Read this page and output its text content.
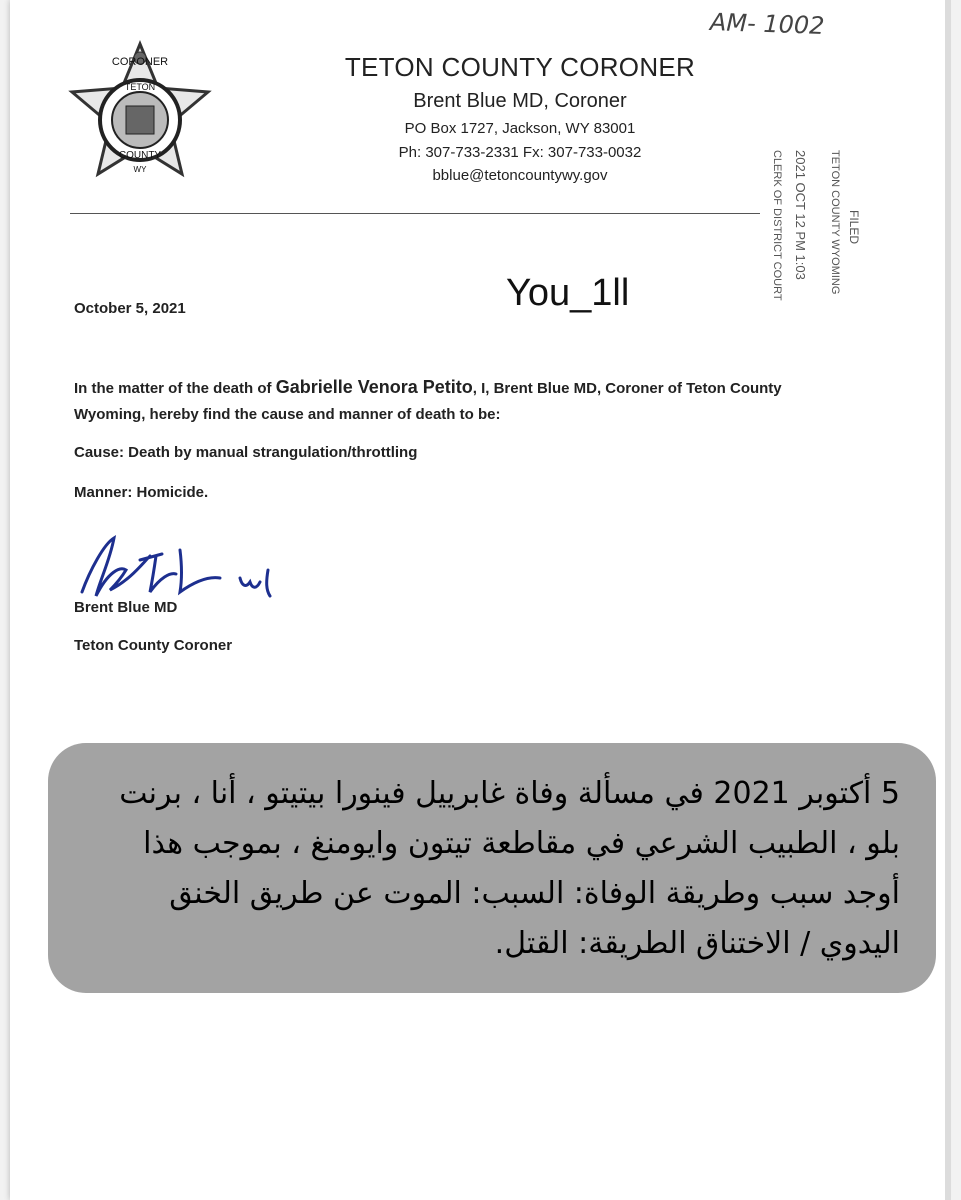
CORONER
TETON
COUNTY
WY
TETON COUNTY CORONER
Brent Blue MD, Coroner
PO Box 1727, Jackson, WY 83001
Ph: 307-733-2331 Fx: 307-733-0032
bblue@tetoncountywy.gov
AM- 1002
FILED
TETON COUNTY WYOMING
2021 OCT 12 PM 1:03
CLERK OF DISTRICT COURT
You_1ll
October 5, 2021
In the matter of the death of Gabrielle Venora Petito, I, Brent Blue MD, Coroner of Teton County Wyoming, hereby find the cause and manner of death to be:
Cause: Death by manual strangulation/throttling
Manner: Homicide.
Brent Blue MD
Teton County Coroner
5 أكتوبر 2021 في مسألة وفاة غابرييل فينورا بيتيتو ، أنا ، برنت بلو ، الطبيب الشرعي في مقاطعة تيتون وايومنغ ، بموجب هذا أوجد سبب وطريقة الوفاة: السبب: الموت عن طريق الخنق اليدوي / الاختناق الطريقة: القتل.
